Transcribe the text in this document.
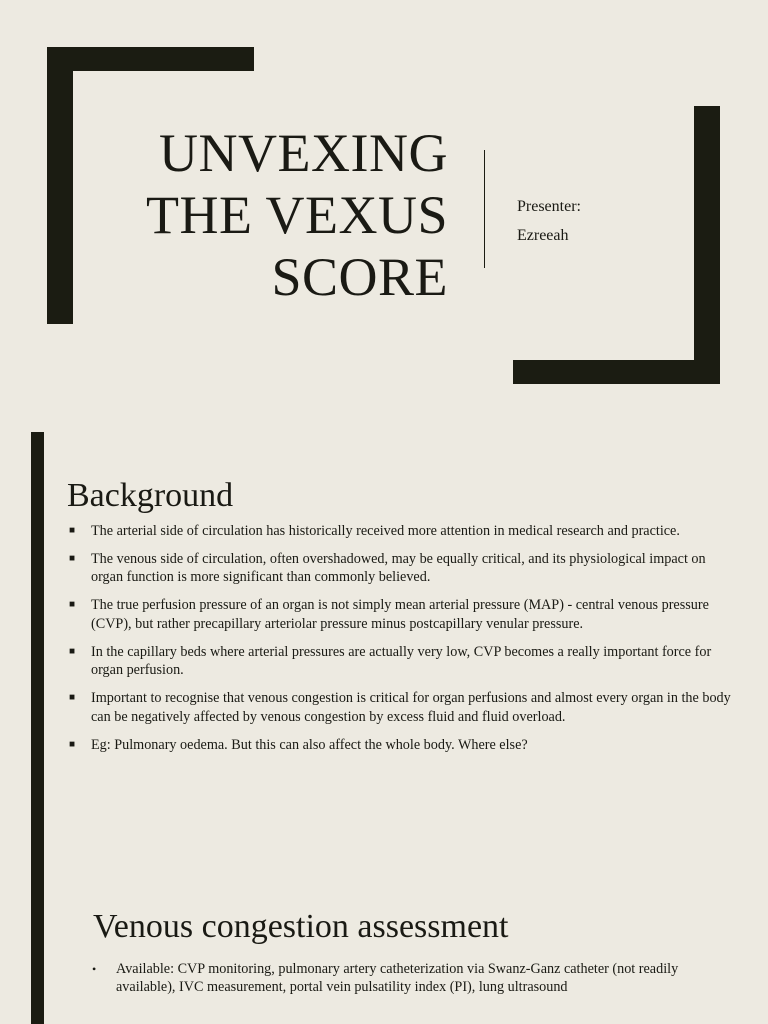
UNVEXING
THE VEXUS
SCORE
Presenter:
Ezreeah
Background
■ The arterial side of circulation has historically received more attention in medical research and practice.
■ The venous side of circulation, often overshadowed, may be equally critical, and its physiological impact on organ function is more significant than commonly believed.
■ The true perfusion pressure of an organ is not simply mean arterial pressure (MAP) - central venous pressure (CVP), but rather precapillary arteriolar pressure minus postcapillary venular pressure.
■ In the capillary beds where arterial pressures are actually very low, CVP becomes a really important force for organ perfusion.
■ Important to recognise that venous congestion is critical for organ perfusions and almost every organ in the body can be negatively affected by venous congestion by excess fluid and fluid overload.
■ Eg: Pulmonary oedema. But this can also affect the whole body. Where else?
Venous congestion assessment
• Available: CVP monitoring, pulmonary artery catheterization via Swanz-Ganz catheter (not readily available), IVC measurement, portal vein pulsatility index (PI), lung ultrasound
